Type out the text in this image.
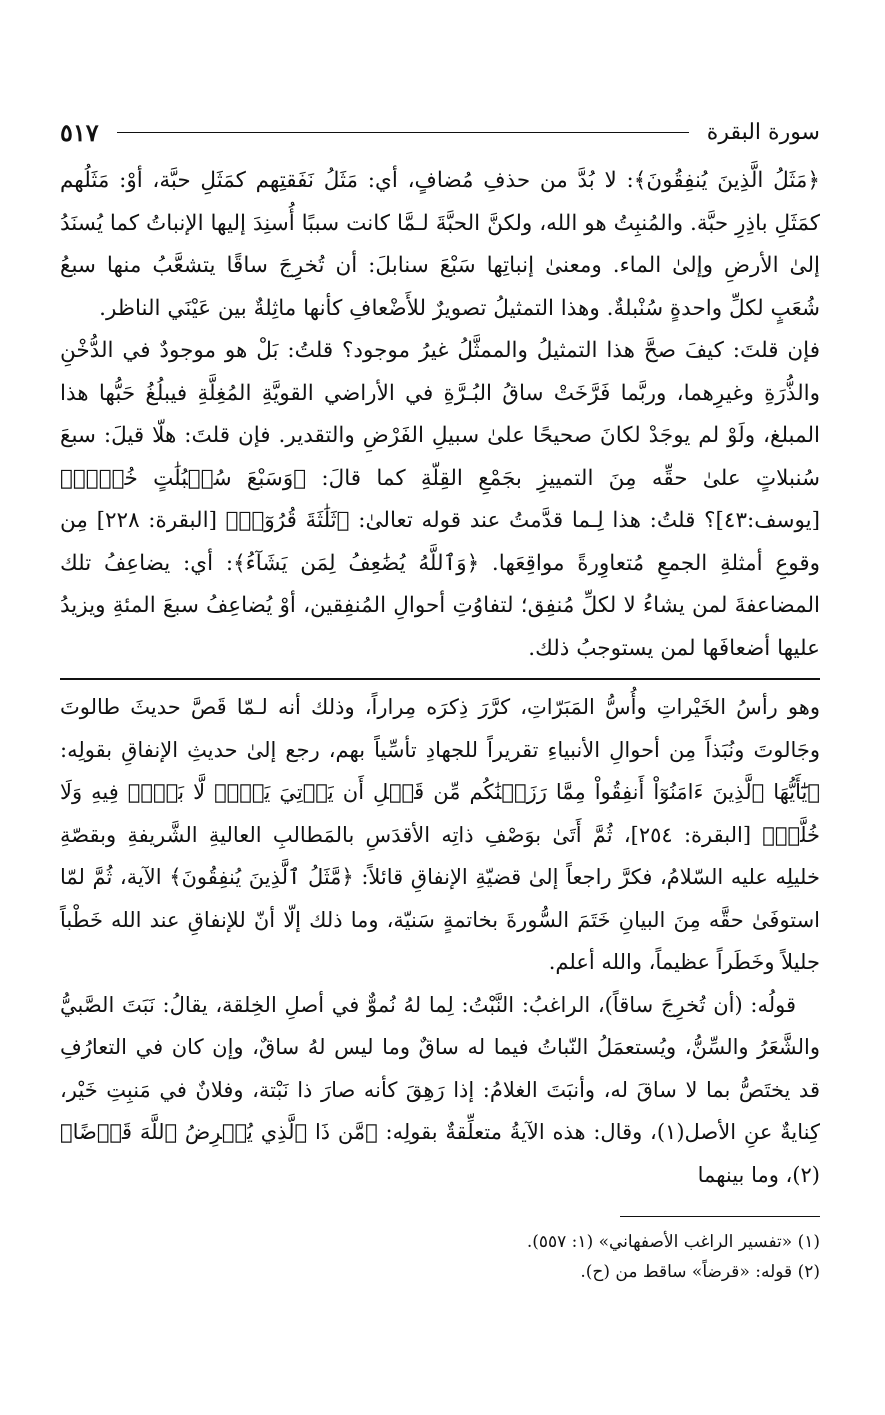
سورة البقرة
٥١٧

﴿مَثَلُ الَّذِينَ يُنفِقُونَ﴾: لا بُدَّ من حذفِ مُضافٍ، أي: مَثَلُ نَفَقتِهم كمَثَلِ حبَّة، أوْ: مَثَلُهم كمَثَلِ باذِرِ حبَّة. والمُنبِتُ هو الله، ولكنَّ الحبَّةَ لـمَّا كانت سببًا أُسنِدَ إليها الإنباتُ كما يُسنَدُ إلىٰ الأرضِ وإلىٰ الماء. ومعنىٰ إنباتِها سَبْعَ سنابلَ: أن تُخرِجَ ساقًا يتشعَّبُ منها سبعُ شُعَبٍ لكلِّ واحدةٍ سُنْبلةٌ. وهذا التمثيلُ تصويرٌ للأَضْعافِ كأنها ماثِلةٌ بين عَيْنَي الناظر.

فإن قلتَ: كيفَ صحَّ هذا التمثيلُ والممثَّلُ غيرُ موجود؟ قلتُ: بَلْ هو موجودٌ في الدُّخْنِ والذُّرَةِ وغيرِهما، وربَّما فَرَّخَتْ ساقُ البُـرَّةِ في الأراضي القويَّةِ المُغِلَّةِ فيبلُغُ حَبُّها هذا المبلغ، ولَوْ لم يوجَدْ لكانَ صحيحًا علىٰ سبيلِ الفَرْضِ والتقدير. فإن قلتَ: هلّا قيلَ: سبعَ سُنبلاتٍ علىٰ حقِّه مِنَ التمييزِ بجَمْعِ القِلّةِ كما قالَ: ﴿وَسَبْعَ سُنۢبُلَٰتٍ خُضۡرٖ﴾ [يوسف:٤٣]؟ قلتُ: هذا لِـما قدَّمتُ عند قوله تعالىٰ: ﴿ثَلَٰثَةَ قُرُوٓءٖ﴾ [البقرة: ٢٢٨] مِن وقوعِ أمثلةِ الجمعِ مُتعاوِرةً مواقِعَها. ﴿وَٱللَّهُ يُضَٰعِفُ لِمَن يَشَآءُ﴾: أي: يضاعِفُ تلك المضاعفةَ لمن يشاءُ لا لكلِّ مُنفِق؛ لتفاوُتِ أحوالِ المُنفِقين، أوْ يُضاعِفُ سبعَ المئةِ ويزيدُ عليها أضعافَها لمن يستوجبُ ذلك.

وهو رأسُ الخَيْراتِ وأُسُّ المَبَرّاتِ، كرَّرَ ذِكرَه مِراراً، وذلك أنه لـمّا قَصَّ حديثَ طالوتَ وجَالوتَ ونُبَذاً مِن أحوالِ الأنبياءِ تقريراً للجهادِ تأسِّياً بهم، رجع إلىٰ حديثِ الإنفاقِ بقولِه: ﴿يَٰٓأَيُّهَا ٱلَّذِينَ ءَامَنُوٓاْ أَنفِقُواْ مِمَّا رَزَقۡنَٰكُم مِّن قَبۡلِ أَن يَأۡتِيَ يَوۡمٞ لَّا بَيۡعٞ فِيهِ وَلَا خُلَّةٞ﴾ [البقرة: ٢٥٤]، ثُمَّ أَتَىٰ بوَصْفِ ذاتِه الأقدَسِ بالمَطالبِ العاليةِ الشَّريفةِ وبقصّةِ خليلِه عليه السّلامُ، فكرَّ راجعاً إلىٰ قضيّةِ الإنفاقِ قائلاً: ﴿مَّثَلُ ٱلَّذِينَ يُنفِقُونَ﴾ الآية، ثُمَّ لمّا استوفَىٰ حقَّه مِنَ البيانِ خَتَمَ السُّورةَ بخاتمةٍ سَنيّة، وما ذلك إلّا أنّ للإنفاقِ عند الله خَطْباً جليلاً وخَطَراً عظيماً، والله أعلم.

قولُه: (أن تُخرِجَ ساقاً)، الراغبُ: النَّبْتُ: لِما لهُ نُموٌّ في أصلِ الخِلقة، يقالُ: نَبَتَ الصَّبيُّ والشَّعَرُ والسِّنُّ، ويُستعمَلُ النّباتُ فيما له ساقٌ وما ليس لهُ ساقٌ، وإن كان في التعارُفِ قد يختَصُّ بما لا ساقَ له، وأنبَتَ الغلامُ: إذا رَهِقَ كأنه صارَ ذا نَبْتة، وفلانٌ في مَنبِتِ خَيْر، كِنايةٌ عنِ الأصل(١)، وقال: هذه الآيةُ متعلِّقةٌ بقولِه: ﴿مَّن ذَا ٱلَّذِي يُقۡرِضُ ٱللَّهَ قَرۡضًا﴾(٢)، وما بينهما

(١) «تفسير الراغب الأصفهاني» (١: ٥٥٧).
(٢) قوله: «قرضاً» ساقط من (ح).
